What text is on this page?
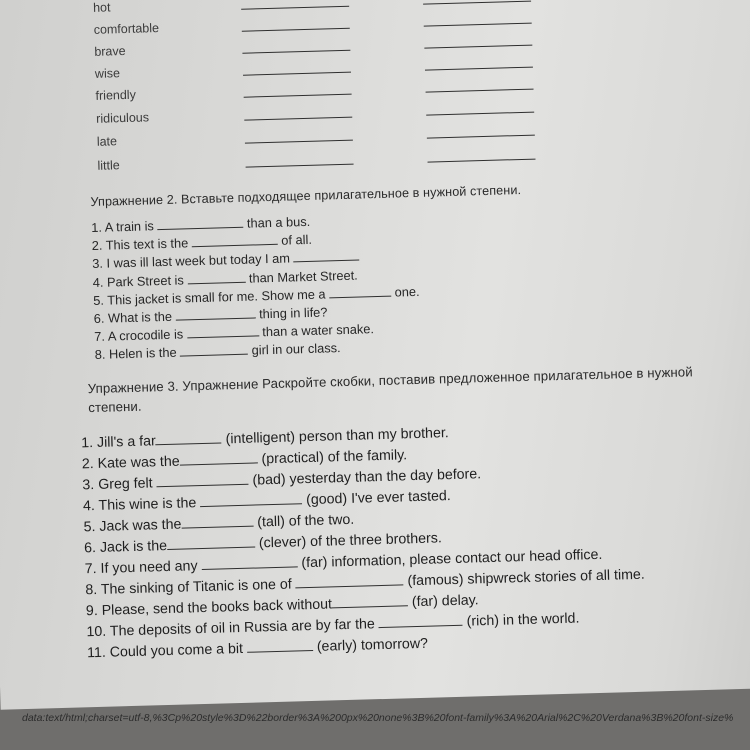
hot
comfortable
brave
wise
friendly
ridiculous
late
little
Упражнение 2. Вставьте подходящее прилагательное в нужной степени.
1. A train is	than a bus.
2. This text is the	of all.
3. I was ill last week but today I am
4. Park Street is	than Market Street.
5. This jacket is small for me. Show me a	one.
6. What is the	thing in life?
7. A crocodile is	than a water snake.
8. Helen is the	girl in our class.
Упражнение 3. Упражнение Раскройте скобки, поставив предложенное прилагательное в нужной
степени.
1. Jill's a far	(intelligent) person than my brother.
2. Kate was the	(practical) of the family.
3. Greg felt	(bad) yesterday than the day before.
4. This wine is the	(good) I've ever tasted.
5. Jack was the	(tall) of the two.
6. Jack is the	(clever) of the three brothers.
7. If you need any	(far) information, please contact our head office.
8. The sinking of Titanic is one of	(famous) shipwreck stories of all time.
9. Please, send the books back without	(far) delay.
10. The deposits of oil in Russia are by far the	(rich) in the world.
11. Could you come a bit	(early) tomorrow?
data:text/html;charset=utf-8,%3Cp%20style%3D%22border%3A%200px%20none%3B%20font-family%3A%20Arial%2C%20Verdana%3B%20font-size%
